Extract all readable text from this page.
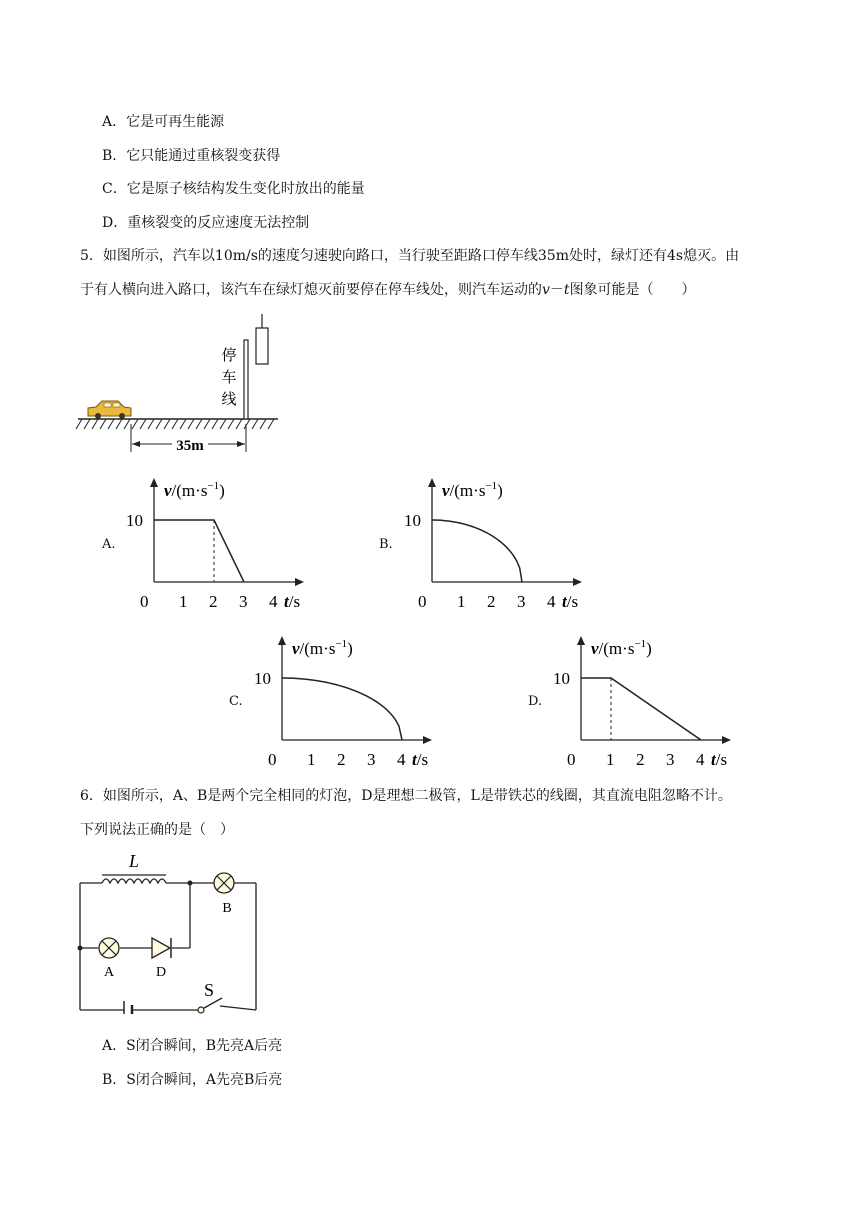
A．它是可再生能源
B．它只能通过重核裂变获得
C．它是原子核结构发生变化时放出的能量
D．重核裂变的反应速度无法控制
5．如图所示，汽车以10m/s的速度匀速驶向路口，当行驶至距路口停车线35m处时，绿灯还有4s熄灭。由
于有人横向进入路口，该汽车在绿灯熄灭前要停在停车线处，则汽车运动的v－t图象可能是（　　）
停
车
线
35m
A.	B.
C.	D.
$v/(m\cdot s^{-1})$
10
0 1 2 3 4 t/s
$v/(m\cdot s^{-1})$
10
0 1 2 3 4 t/s
$v/(m\cdot s^{-1})$
10
0 1 2 3 4 t/s
$v/(m\cdot s^{-1})$
10
0 1 2 3 4 t/s
6．如图所示，A、B是两个完全相同的灯泡，D是理想二极管，L是带铁芯的线圈，其直流电阻忽略不计。
下列说法正确的是（　）
L
B
A	D
S
A．S闭合瞬间，B先亮A后亮
B．S闭合瞬间，A先亮B后亮
